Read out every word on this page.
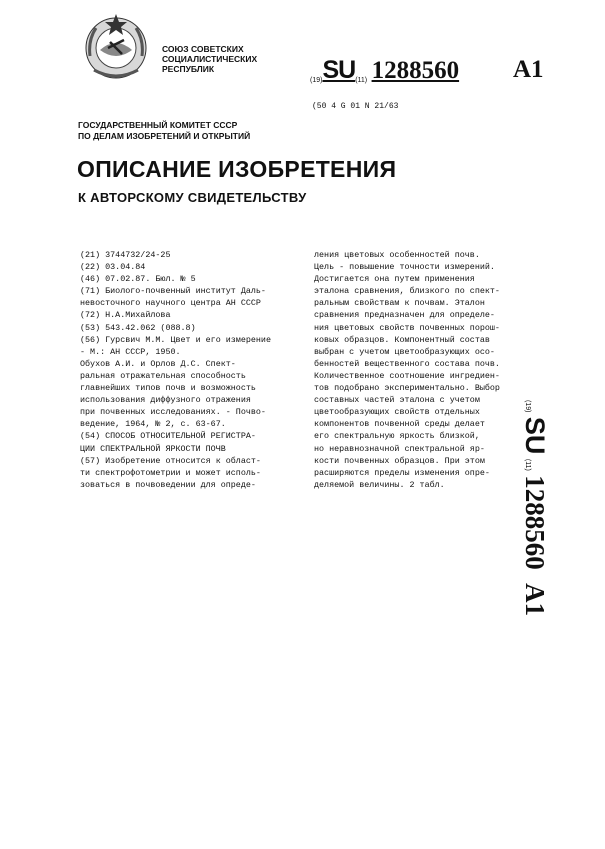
СОЮЗ СОВЕТСКИХ
СОЦИАЛИСТИЧЕСКИХ
РЕСПУБЛИК
$_{(19)}SU_{(11)}$ 1288560 A1
(50 4 G 01 N 21/63
ГОСУДАРСТВЕННЫЙ КОМИТЕТ СССР
ПО ДЕЛАМ ИЗОБРЕТЕНИЙ И ОТКРЫТИЙ
ОПИСАНИЕ ИЗОБРЕТЕНИЯ
К АВТОРСКОМУ СВИДЕТЕЛЬСТВУ
(21) 3744732/24-25
(22) 03.04.84
(46) 07.02.87. Бюл. № 5
(71) Биолого-почвенный институт Даль-
невосточного научного центра АН СССР
(72) Н.А.Михайлова
(53) 543.42.062 (088.8)
(56) Гурсвич М.М. Цвет и его измерение
- М.: АН СССР, 1950.
Обухов А.И. и Орлов Д.С. Спект-
ральная отражательная способность
главнейших типов почв и возможность
использования диффузного отражения
при почвенных исследованиях. - Почво-
ведение, 1964, № 2, с. 63-67.
(54) СПОСОБ ОТНОСИТЕЛЬНОЙ РЕГИСТРА-
ЦИИ СПЕКТРАЛЬНОЙ ЯРКОСТИ ПОЧВ
(57) Изобретение относится к област-
ти спектрофотометрии и может исполь-
зоваться в почвоведении для опреде-
ления цветовых особенностей почв.
Цель - повышение точности измерений.
Достигается она путем применения
эталона сравнения, близкого по спект-
ральным свойствам к почвам. Эталон
сравнения предназначен для определе-
ния цветовых свойств почвенных порош-
ковых образцов. Компонентный состав
выбран с учетом цветообразующих осо-
бенностей вещественного состава почв.
Количественное соотношение ингредиен-
тов подобрано экспериментально. Выбор
составных частей эталона с учетом
цветообразующих свойств отдельных
компонентов почвенной среды делает
его спектральную яркость близкой,
но неравнозначной спектральной яр-
кости почвенных образцов. При этом
расширяются пределы изменения опре-
деляемой величины. 2 табл.
(19) SU (11) 1288560   A1
